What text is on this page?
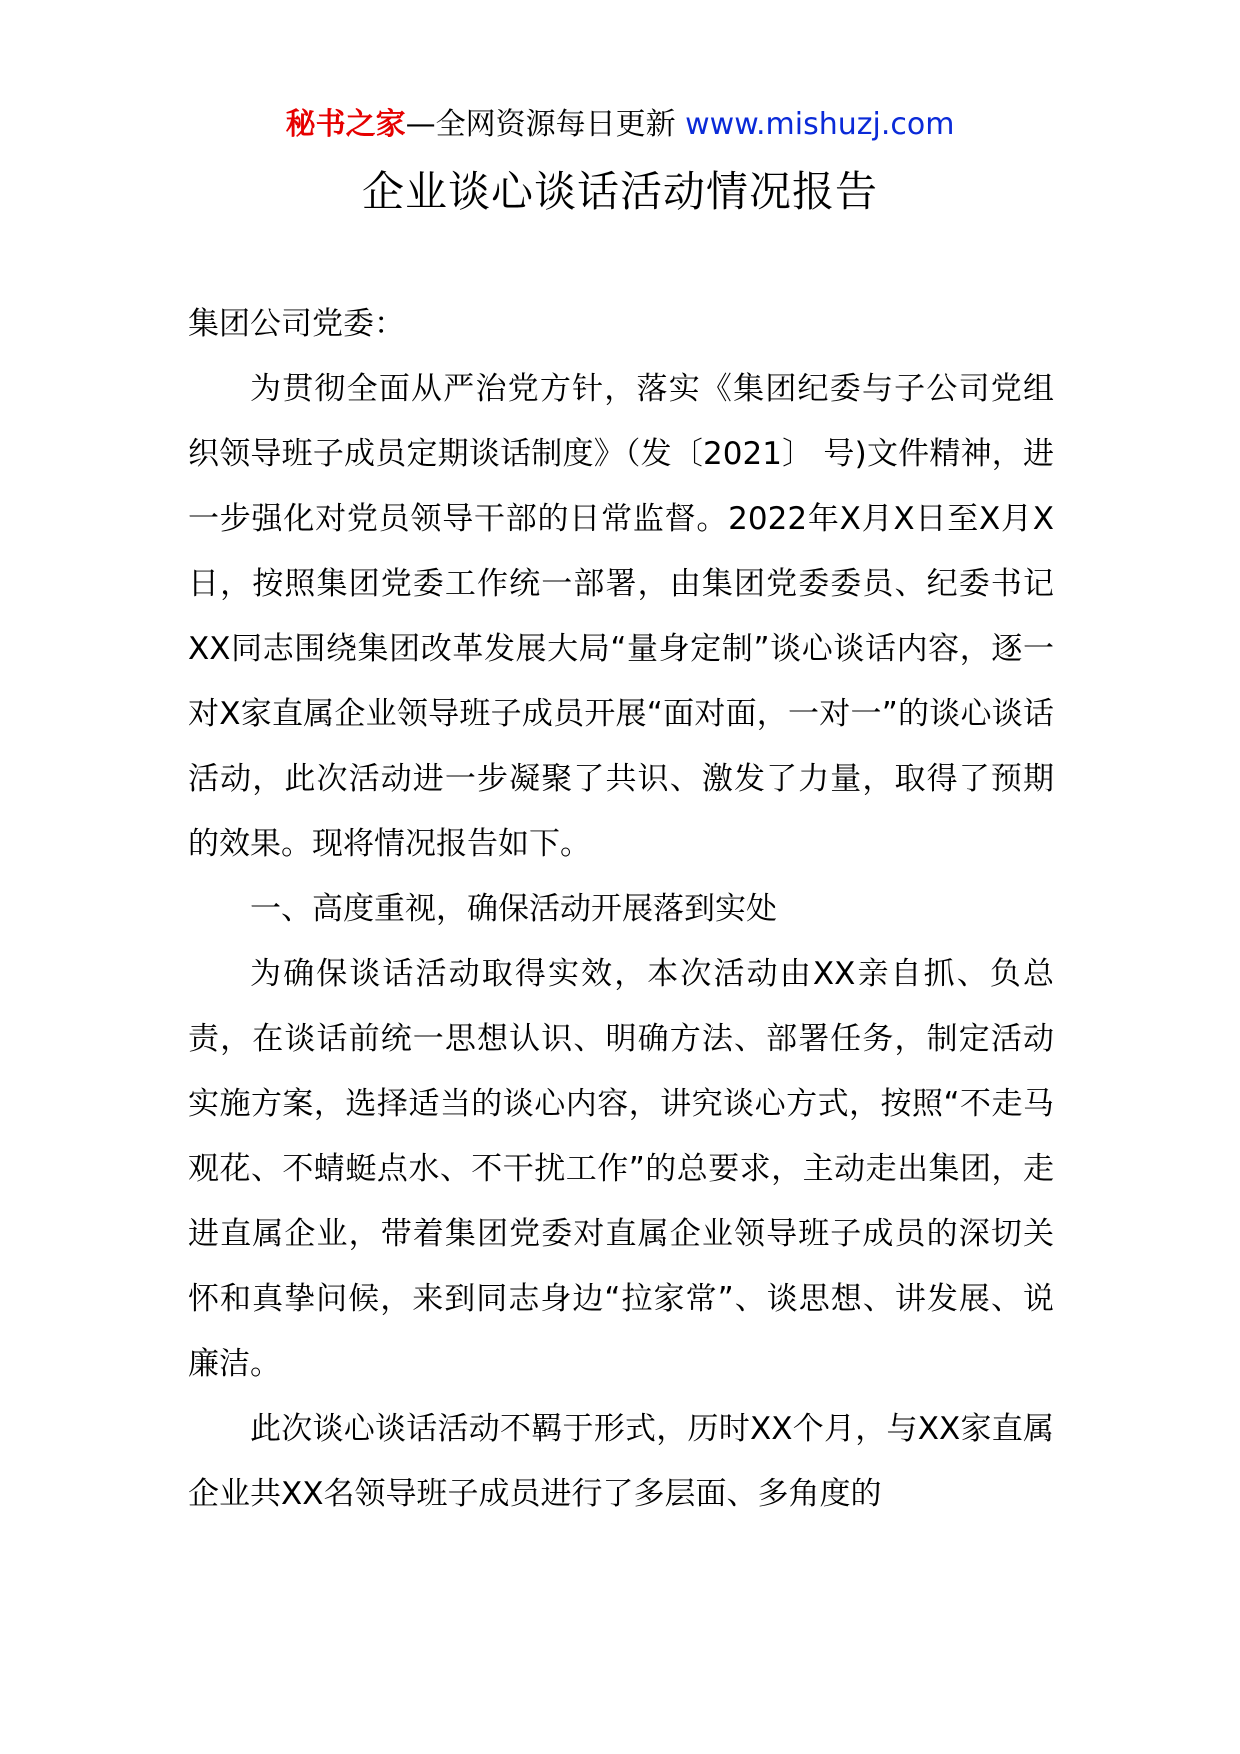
秘书之家—全网资源每日更新 www.mishuzj.com
企业谈心谈话活动情况报告

集团公司党委：

为贯彻全面从严治党方针，落实《集团纪委与子公司党组织领导班子成员定期谈话制度》（发〔2021〕 号)文件精神，进一步强化对党员领导干部的日常监督。2022年X月X日至X月X日，按照集团党委工作统一部署，由集团党委委员、纪委书记XX同志围绕集团改革发展大局“量身定制”谈心谈话内容，逐一对X家直属企业领导班子成员开展“面对面，一对一”的谈心谈话活动，此次活动进一步凝聚了共识、激发了力量，取得了预期的效果。现将情况报告如下。

一、高度重视，确保活动开展落到实处

为确保谈话活动取得实效，本次活动由XX亲自抓、负总责，在谈话前统一思想认识、明确方法、部署任务，制定活动实施方案，选择适当的谈心内容，讲究谈心方式，按照“不走马观花、不蜻蜓点水、不干扰工作”的总要求，主动走出集团，走进直属企业，带着集团党委对直属企业领导班子成员的深切关怀和真挚问候，来到同志身边“拉家常”、谈思想、讲发展、说廉洁。

此次谈心谈话活动不羁于形式，历时XX个月，与XX家直属企业共XX名领导班子成员进行了多层面、多角度的
